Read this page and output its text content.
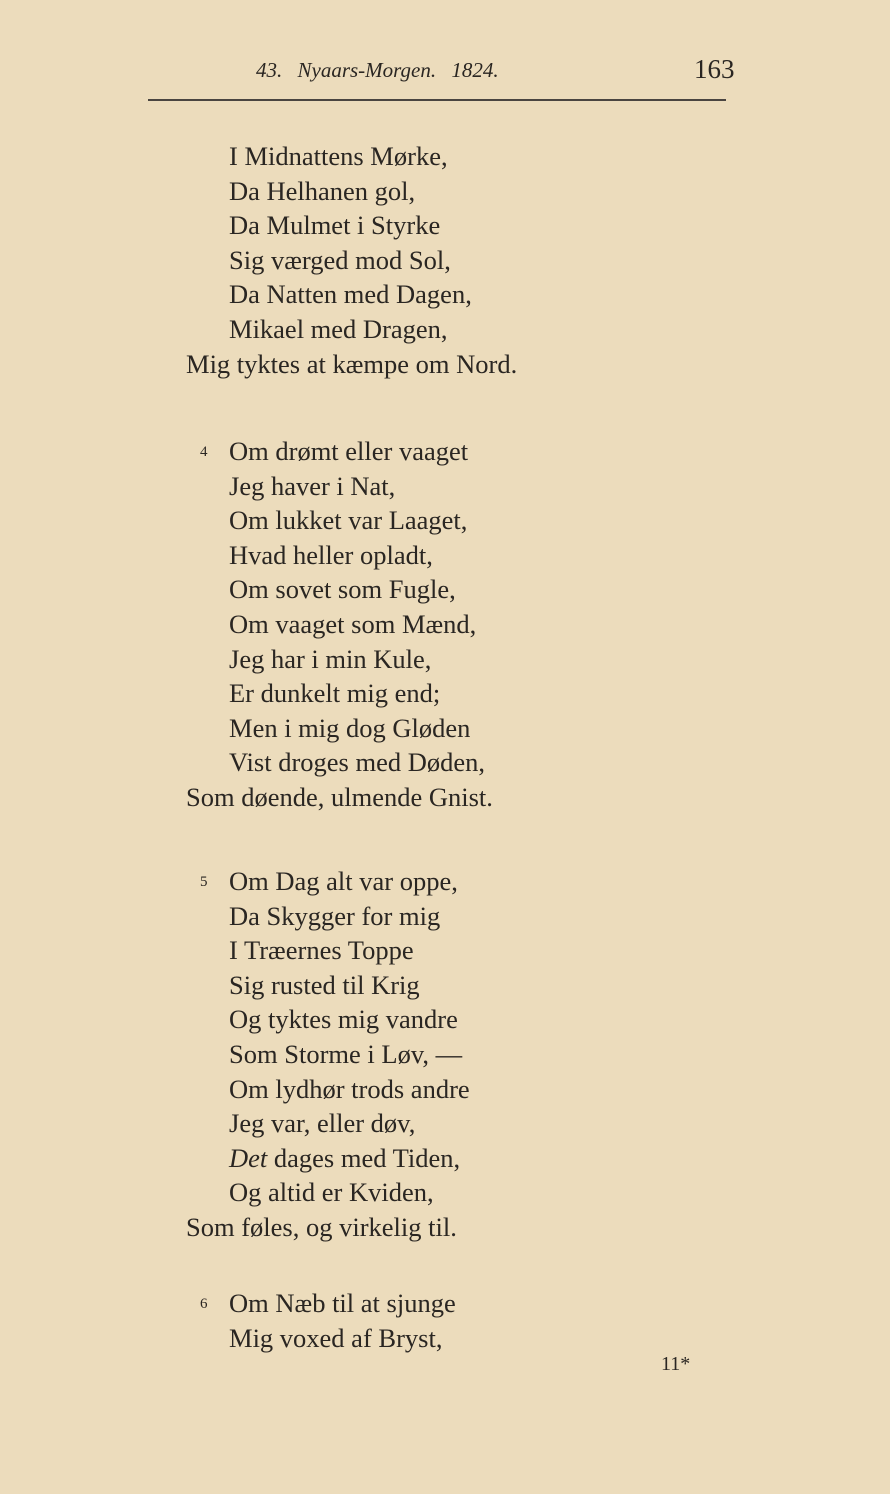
43. Nyaars-Morgen. 1824.	163
I Midnattens Mørke,
Da Helhanen gol,
Da Mulmet i Styrke
Sig værged mod Sol,
Da Natten med Dagen,
Mikael med Dragen,
Mig tyktes at kæmpe om Nord.
Om drømt eller vaaget
4
Jeg haver i Nat,
Om lukket var Laaget,
Hvad heller opladt,
Om sovet som Fugle,
Om vaaget som Mænd,
Jeg har i min Kule,
Er dunkelt mig end;
Men i mig dog Gløden
Vist droges med Døden,
Som døende, ulmende Gnist.
Om Dag alt var oppe,
5
Da Skygger for mig
I Træernes Toppe
Sig rusted til Krig
Og tyktes mig vandre
Som Storme i Løv, —
Om lydhør trods andre
Jeg var, eller døv,
Det dages med Tiden,
Og altid er Kviden,
Som føles, og virkelig til.
Om Næb til at sjunge
6
Mig voxed af Bryst,
11*
